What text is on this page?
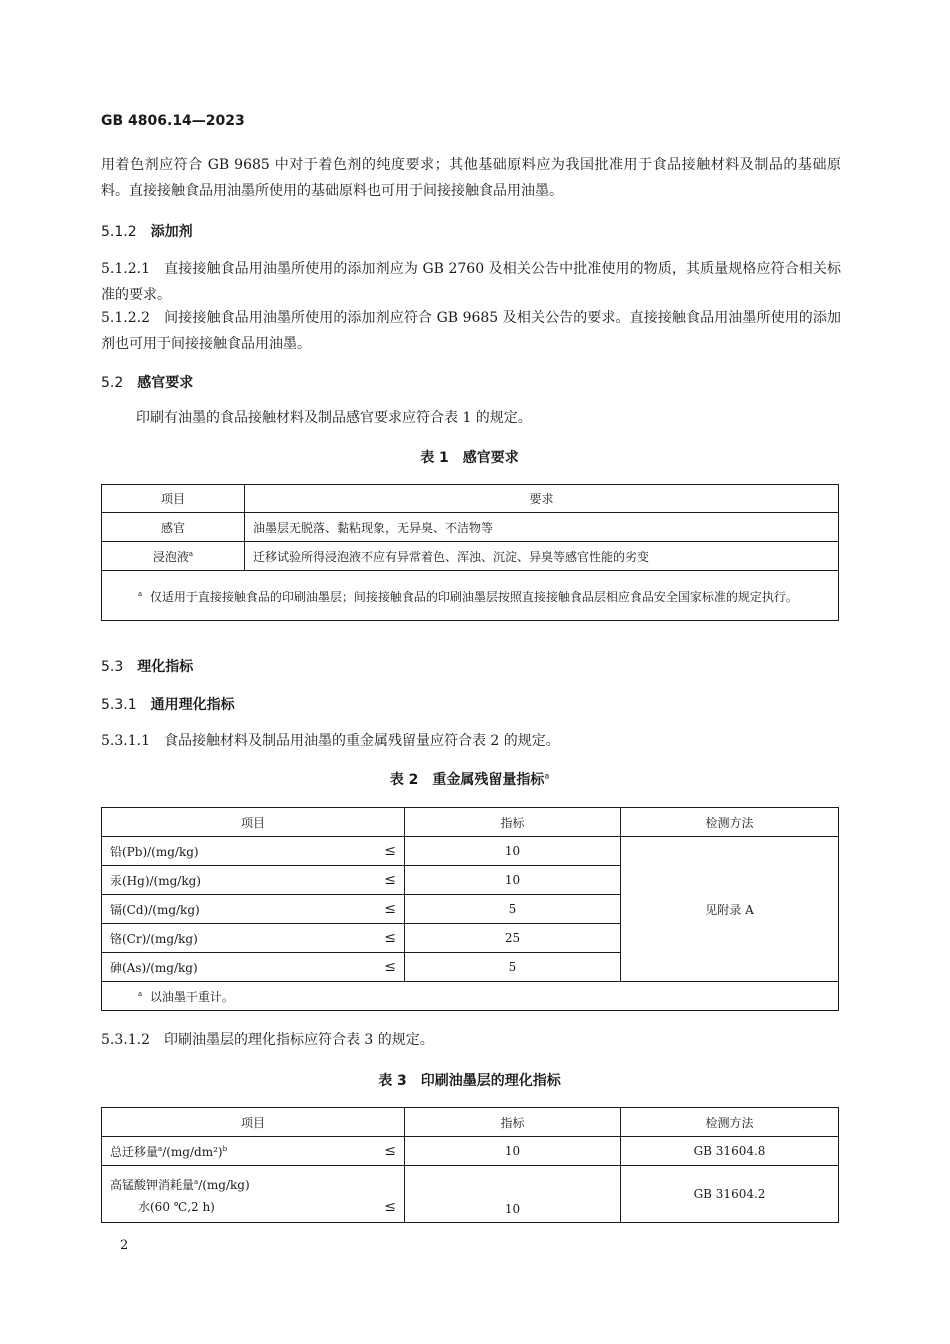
GB 4806.14—2023
用着色剂应符合 GB 9685 中对于着色剂的纯度要求；其他基础原料应为我国批准用于食品接触材料及制品的基础原料。直接接触食品用油墨所使用的基础原料也可用于间接接触食品用油墨。
5.1.2 添加剂
5.1.2.1　直接接触食品用油墨所使用的添加剂应为 GB 2760 及相关公告中批准使用的物质，其质量规格应符合相关标准的要求。
5.1.2.2　间接接触食品用油墨所使用的添加剂应符合 GB 9685 及相关公告的要求。直接接触食品用油墨所使用的添加剂也可用于间接接触食品用油墨。
5.2 感官要求
印刷有油墨的食品接触材料及制品感官要求应符合表 1 的规定。
表 1　感官要求
项目	要求
感官	油墨层无脱落、黏粘现象，无异臭、不洁物等
浸泡液$^a$	迁移试验所得浸泡液不应有异常着色、浑浊、沉淀、异臭等感官性能的劣变
$^a$ 仅适用于直接接触食品的印刷油墨层；间接接触食品的印刷油墨层按照直接接触食品层相应食品安全国家标准的规定执行。	
5.3 理化指标
5.3.1 通用理化指标
5.3.1.1　食品接触材料及制品用油墨的重金属残留量应符合表 2 的规定。
表 2　重金属残留量指标$^a$
项目	指标	检测方法
铅(Pb)/(mg/kg) ≤	10	见附录 A
汞(Hg)/(mg/kg) ≤	10	
镉(Cd)/(mg/kg) ≤	5	
铬(Cr)/(mg/kg) ≤	25	
砷(As)/(mg/kg) ≤	5	
$^a$ 以油墨干重计。		
5.3.1.2　印刷油墨层的理化指标应符合表 3 的规定。
表 3　印刷油墨层的理化指标
项目	指标	检测方法
总迁移量$^a/(mg/dm^2)^b$ ≤	10	GB 31604.8

高锰酸钾消耗量$^a$/(mg/kg)
水(60 ℃,2 h) ≤	10	GB 31604.2
2
